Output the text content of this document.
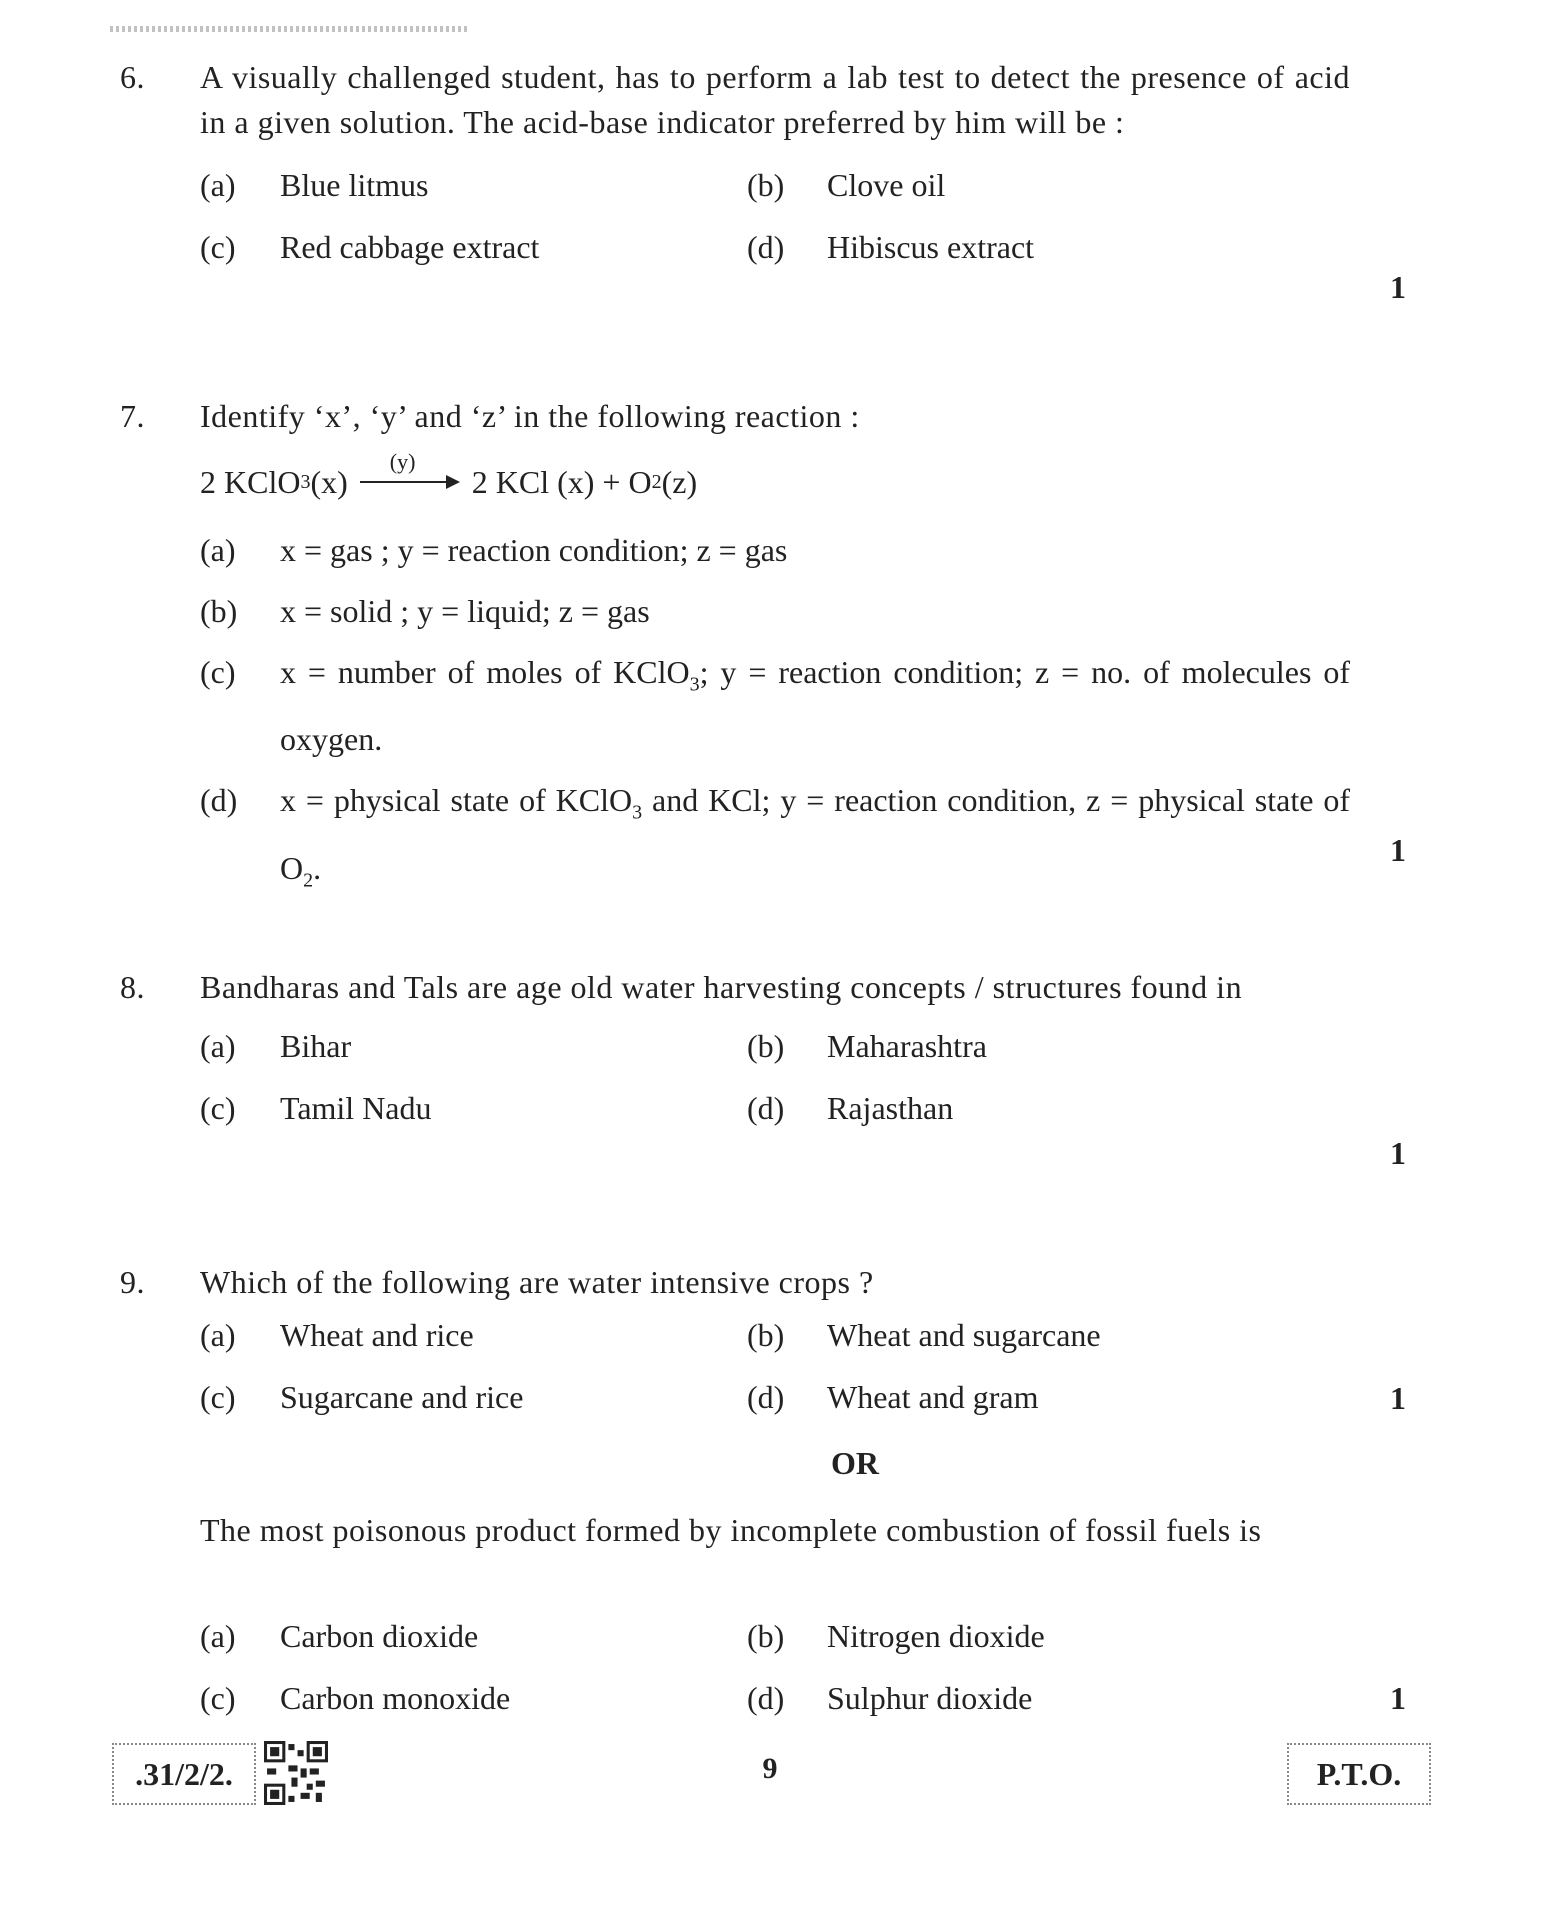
6.	A visually challenged student, has to perform a lab test to detect the presence of acid in a given solution. The acid-base indicator preferred by him will be :
(a) Blue litmus	(b) Clove oil
(c) Red cabbage extract	(d) Hibiscus extract
1
7.	Identify ‘x’, ‘y’ and ‘z’ in the following reaction :
2 KClO 3 (x)
(y)
2 KCl (x) + O 2 (z)
(a) x = gas ; y = reaction condition; z = gas
(b) x = solid ; y = liquid; z = gas
(c) x = number of moles of KClO$_3$; y = reaction condition; z = no. of molecules of oxygen.
(d) x = physical state of KClO$_3$ and KCl; y = reaction condition, z = physical state of $O_2$.	1
8.	Bandharas and Tals are age old water harvesting concepts / structures found in
(a) Bihar	(b) Maharashtra
(c) Tamil Nadu	(d) Rajasthan
1
9.	Which of the following are water intensive crops ?
(a) Wheat and rice	(b) Wheat and sugarcane
(c) Sugarcane and rice	(d) Wheat and gram	1
OR
The most poisonous product formed by incomplete combustion of fossil fuels is
(a) Carbon dioxide	(b) Nitrogen dioxide
(c) Carbon monoxide	(d) Sulphur dioxide	1
.31/2/2.	9	P.T.O.
